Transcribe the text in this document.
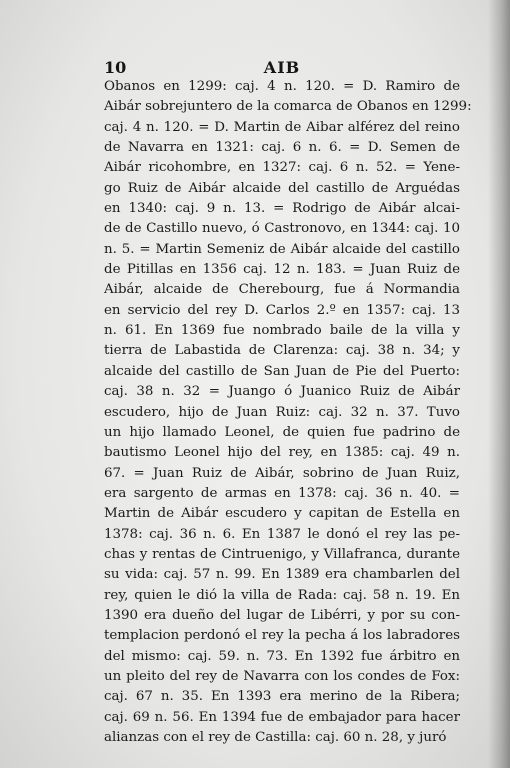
10	AIB
Obanos en 1299: caj. 4 n. 120. = D. Ramiro de
Aibár sobrejuntero de la comarca de Obanos en 1299:
caj. 4 n. 120. = D. Martin de Aibar alférez del reino
de Navarra en 1321: caj. 6 n. 6. = D. Semen de
Aibár ricohombre, en 1327: caj. 6 n. 52. = Yene-
go Ruiz de Aibár alcaide del castillo de Arguédas
en 1340: caj. 9 n. 13. = Rodrigo de Aibár alcai-
de de Castillo nuevo, ó Castronovo, en 1344: caj. 10
n. 5. = Martin Semeniz de Aibár alcaide del castillo
de Pitillas en 1356 caj. 12 n. 183. = Juan Ruiz de
Aibár, alcaide de Cherebourg, fue á Normandia
en servicio del rey D. Carlos 2.º en 1357: caj. 13
n. 61. En 1369 fue nombrado baile de la villa y
tierra de Labastida de Clarenza: caj. 38 n. 34; y
alcaide del castillo de San Juan de Pie del Puerto:
caj. 38 n. 32 = Juango ó Juanico Ruiz de Aibár
escudero, hijo de Juan Ruiz: caj. 32 n. 37. Tuvo
un hijo llamado Leonel, de quien fue padrino de
bautismo Leonel hijo del rey, en 1385: caj. 49 n.
67. = Juan Ruiz de Aibár, sobrino de Juan Ruiz,
era sargento de armas en 1378: caj. 36 n. 40. =
Martin de Aibár escudero y capitan de Estella en
1378: caj. 36 n. 6. En 1387 le donó el rey las pe-
chas y rentas de Cintruenigo, y Villafranca, durante
su vida: caj. 57 n. 99. En 1389 era chambarlen del
rey, quien le dió la villa de Rada: caj. 58 n. 19. En
1390 era dueño del lugar de Libérri, y por su con-
templacion perdonó el rey la pecha á los labradores
del mismo: caj. 59. n. 73. En 1392 fue árbitro en
un pleito del rey de Navarra con los condes de Fox:
caj. 67 n. 35. En 1393 era merino de la Ribera;
caj. 69 n. 56. En 1394 fue de embajador para hacer
alianzas con el rey de Castilla: caj. 60 n. 28, y juró
